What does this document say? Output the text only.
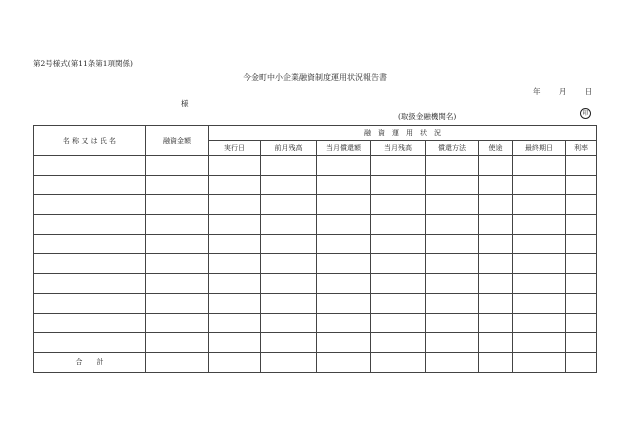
第2号様式(第11条第1項関係)
今金町中小企業融資制度運用状況報告書
年 月 日
様
(取扱金融機関名)	印
名 称 又 は 氏 名	融資金額	融　資　運　用　状　況							
		実行日	前月残高	当月償還額	当月残高	償還方法	使途	最終期日	利率

合　　計									
